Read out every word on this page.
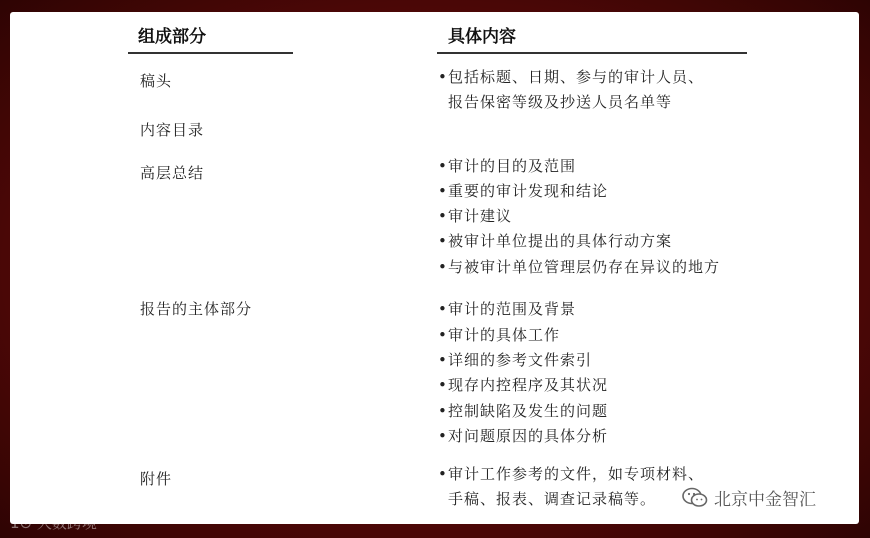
组成部分	具体内容
稿头	•包括标题、日期、参与的审计人员、
报告保密等级及抄送人员名单等
内容目录
高层总结	•审计的目的及范围
•重要的审计发现和结论
•审计建议
•被审计单位提出的具体行动方案
•与被审计单位管理层仍存在异议的地方
报告的主体部分	•审计的范围及背景
•审计的具体工作
•详细的参考文件索引
•现存内控程序及其状况
•控制缺陷及发生的问题
•对问题原因的具体分析
附件	•审计工作参考的文件，如专项材料、
手稿、报表、调查记录稿等。
1⊙ 大数跨境
北京中金智汇
